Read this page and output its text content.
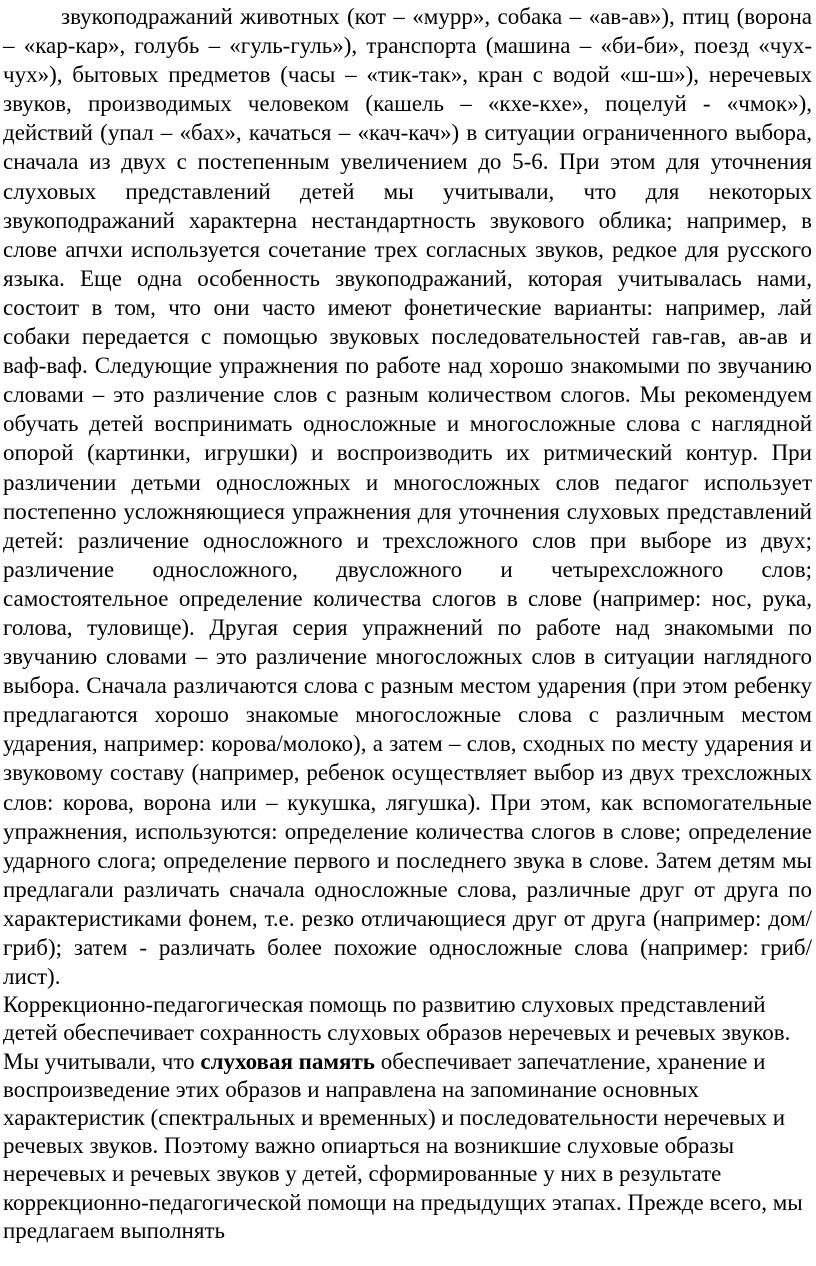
звукоподражаний животных (кот – «мурр», собака – «ав-ав»), птиц (ворона – «кар-кар», голубь – «гуль-гуль»), транспорта (машина – «би-би», поезд «чух-чух»), бытовых предметов (часы – «тик-так», кран с водой «ш-ш»), неречевых звуков, производимых человеком (кашель – «кхе-кхе», поцелуй - «чмок»), действий (упал – «бах», качаться – «кач-кач») в ситуации ограниченного выбора, сначала из двух с постепенным увеличением до 5-6. При этом для уточнения слуховых представлений детей мы учитывали, что для некоторых звукоподражаний характерна нестандартность звукового облика; например, в слове апчхи используется сочетание трех согласных звуков, редкое для русского языка. Еще одна особенность звукоподражаний, которая учитывалась нами, состоит в том, что они часто имеют фонетические варианты: например, лай собаки передается с помощью звуковых последовательностей гав-гав, ав-ав и ваф-ваф. Следующие упражнения по работе над хорошо знакомыми по звучанию словами – это различение слов с разным количеством слогов. Мы рекомендуем обучать детей воспринимать односложные и многосложные слова с наглядной опорой (картинки, игрушки) и воспроизводить их ритмический контур. При различении детьми односложных и многосложных слов педагог использует постепенно усложняющиеся упражнения для уточнения слуховых представлений детей: различение односложного и трехсложного слов при выборе из двух; различение односложного, двусложного и четырехсложного слов; самостоятельное определение количества слогов в слове (например: нос, рука, голова, туловище). Другая серия упражнений по работе над знакомыми по звучанию словами – это различение многосложных слов в ситуации наглядного выбора. Сначала различаются слова с разным местом ударения (при этом ребенку предлагаются хорошо знакомые многосложные слова с различным местом ударения, например: корова/молоко), а затем – слов, сходных по месту ударения и звуковому составу (например, ребенок осуществляет выбор из двух трехсложных слов: корова, ворона или – кукушка, лягушка). При этом, как вспомогательные упражнения, используются: определение количества слогов в слове; определение ударного слога; определение первого и последнего звука в слове. Затем детям мы предлагали различать сначала односложные слова, различные друг от друга по характеристиками фонем, т.е. резко отличающиеся друг от друга (например: дом/гриб); затем - различать более похожие односложные слова (например: гриб/лист).

Коррекционно-педагогическая помощь по развитию слуховых представлений детей обеспечивает сохранность слуховых образов неречевых и речевых звуков. Мы учитывали, что слуховая память обеспечивает запечатление, хранение и воспроизведение этих образов и направлена на запоминание основных характеристик (спектральных и временных) и последовательности неречевых и речевых звуков. Поэтому важно опиарться на возникшие слуховые образы неречевых и речевых звуков у детей, сформированные у них в результате коррекционно-педагогической помощи на предыдущих этапах. Прежде всего, мы предлагаем выполнять
